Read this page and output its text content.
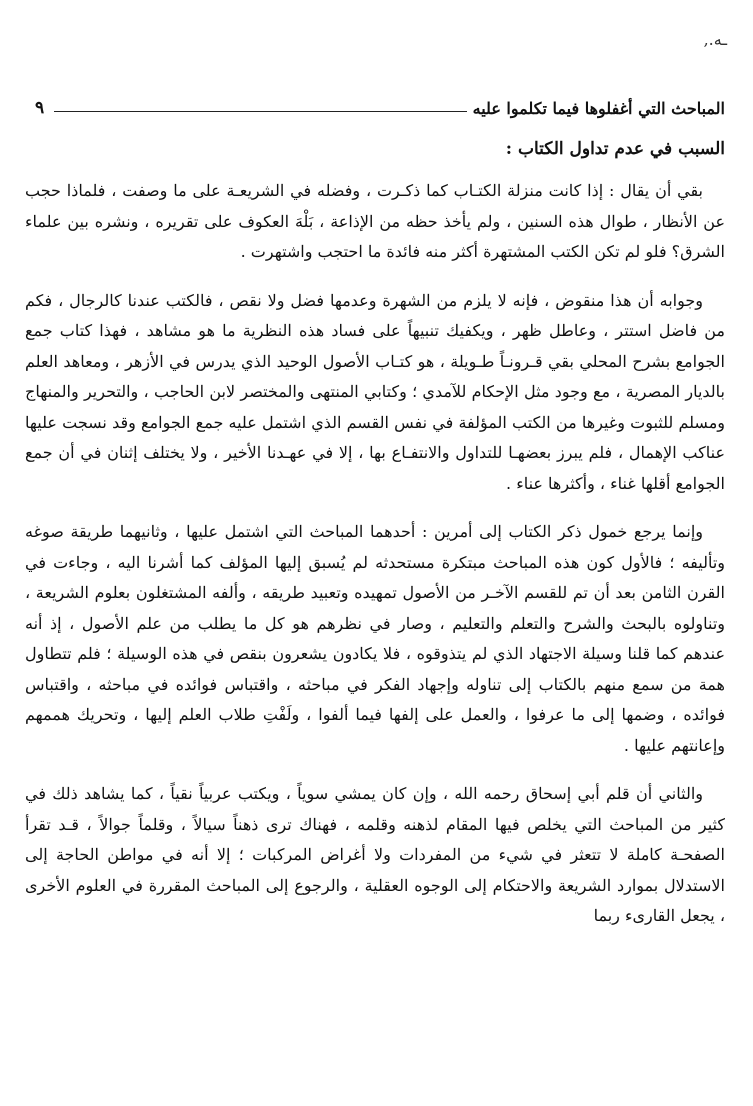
ـه.‍,
المباحث التي أغفلوها فيما تكلموا عليه
٩
السبب في عدم تداول الكتاب :

بقي أن يقال : إذا كانت منزلة الكتـاب كما ذكـرت ، وفضله في الشريعـة على ما وصفت ، فلماذا حجب عن الأنظار ، طوال هذه السنين ، ولم يأخذ حظه من الإذاعة ، بَلْهَ العكوف على تقريره ، ونشره بين علماء الشرق؟ فلو لم تكن الكتب المشتهرة أكثر منه فائدة ما احتجب واشتهرت .

وجوابه أن هذا منقوض ، فإنه لا يلزم من الشهرة وعدمها فضل ولا نقص ، فالكتب عندنا كالرجال ، فكم من فاضل استتر ، وعاطل ظهر ، ويكفيك تنبيهاً على فساد هذه النظرية ما هو مشاهد ، فهذا كتاب جمع الجوامع بشرح المحلي بقي قـرونـاً طـويلة ، هو كتـاب الأصول الوحيد الذي يدرس في الأزهر ، ومعاهد العلم بالديار المصرية ، مع وجود مثل الإحكام للآمدي ؛ وكتابي المنتهى والمختصر لابن الحاجب ، والتحرير والمنهاج ومسلم للثبوت وغيرها من الكتب المؤلفة في نفس القسم الذي اشتمل عليه جمع الجوامع وقد نسجت عليها عناكب الإهمال ، فلم يبرز بعضهـا للتداول والانتفـاع بها ، إلا في عهـدنا الأخير ، ولا يختلف إثنان في أن جمع الجوامع أقلها غناء ، وأكثرها عناء .

وإنما يرجع خمول ذكر الكتاب إلى أمرين : أحدهما المباحث التي اشتمل عليها ، وثانيهما طريقة صوغه وتأليفه ؛ فالأول كون هذه المباحث مبتكرة مستحدثه لم يُسبق إليها المؤلف كما أشرنا اليه ، وجاءت في القرن الثامن بعد أن تم للقسم الآخـر من الأصول تمهيده وتعبيد طريقه ، وألفه المشتغلون بعلوم الشريعة ، وتناولوه بالبحث والشرح والتعلم والتعليم ، وصار في نظرهم هو كل ما يطلب من علم الأصول ، إذ أنه عندهم كما قلنا وسيلة الاجتهاد الذي لم يتذوقوه ، فلا يكادون يشعرون بنقص في هذه الوسيلة ؛ فلم تتطاول همة من سمع منهم بالكتاب إلى تناوله وإجهاد الفكر في مباحثه ، واقتباس فوائده في مباحثه ، واقتباس فوائده ، وضمها إلى ما عرفوا ، والعمل على إلفها فيما ألفوا ، ولَفْتِ طلاب العلم إليها ، وتحريك هممهم وإعانتهم عليها .

والثاني أن قلم أبي إسحاق رحمه الله ، وإن كان يمشي سوياً ، ويكتب عربياً نقياً ، كما يشاهد ذلك في كثير من المباحث التي يخلص فيها المقام لذهنه وقلمه ، فهناك ترى ذهناً سيالاً ، وقلماً جوالاً ، قـد تقرأ الصفحـة كاملة لا تتعثر في شيء من المفردات ولا أغراض المركبات ؛ إلا أنه في مواطن الحاجة إلى الاستدلال بموارد الشريعة والاحتكام إلى الوجوه العقلية ، والرجوع إلى المباحث المقررة في العلوم الأخرى ، يجعل القارىء ربما
